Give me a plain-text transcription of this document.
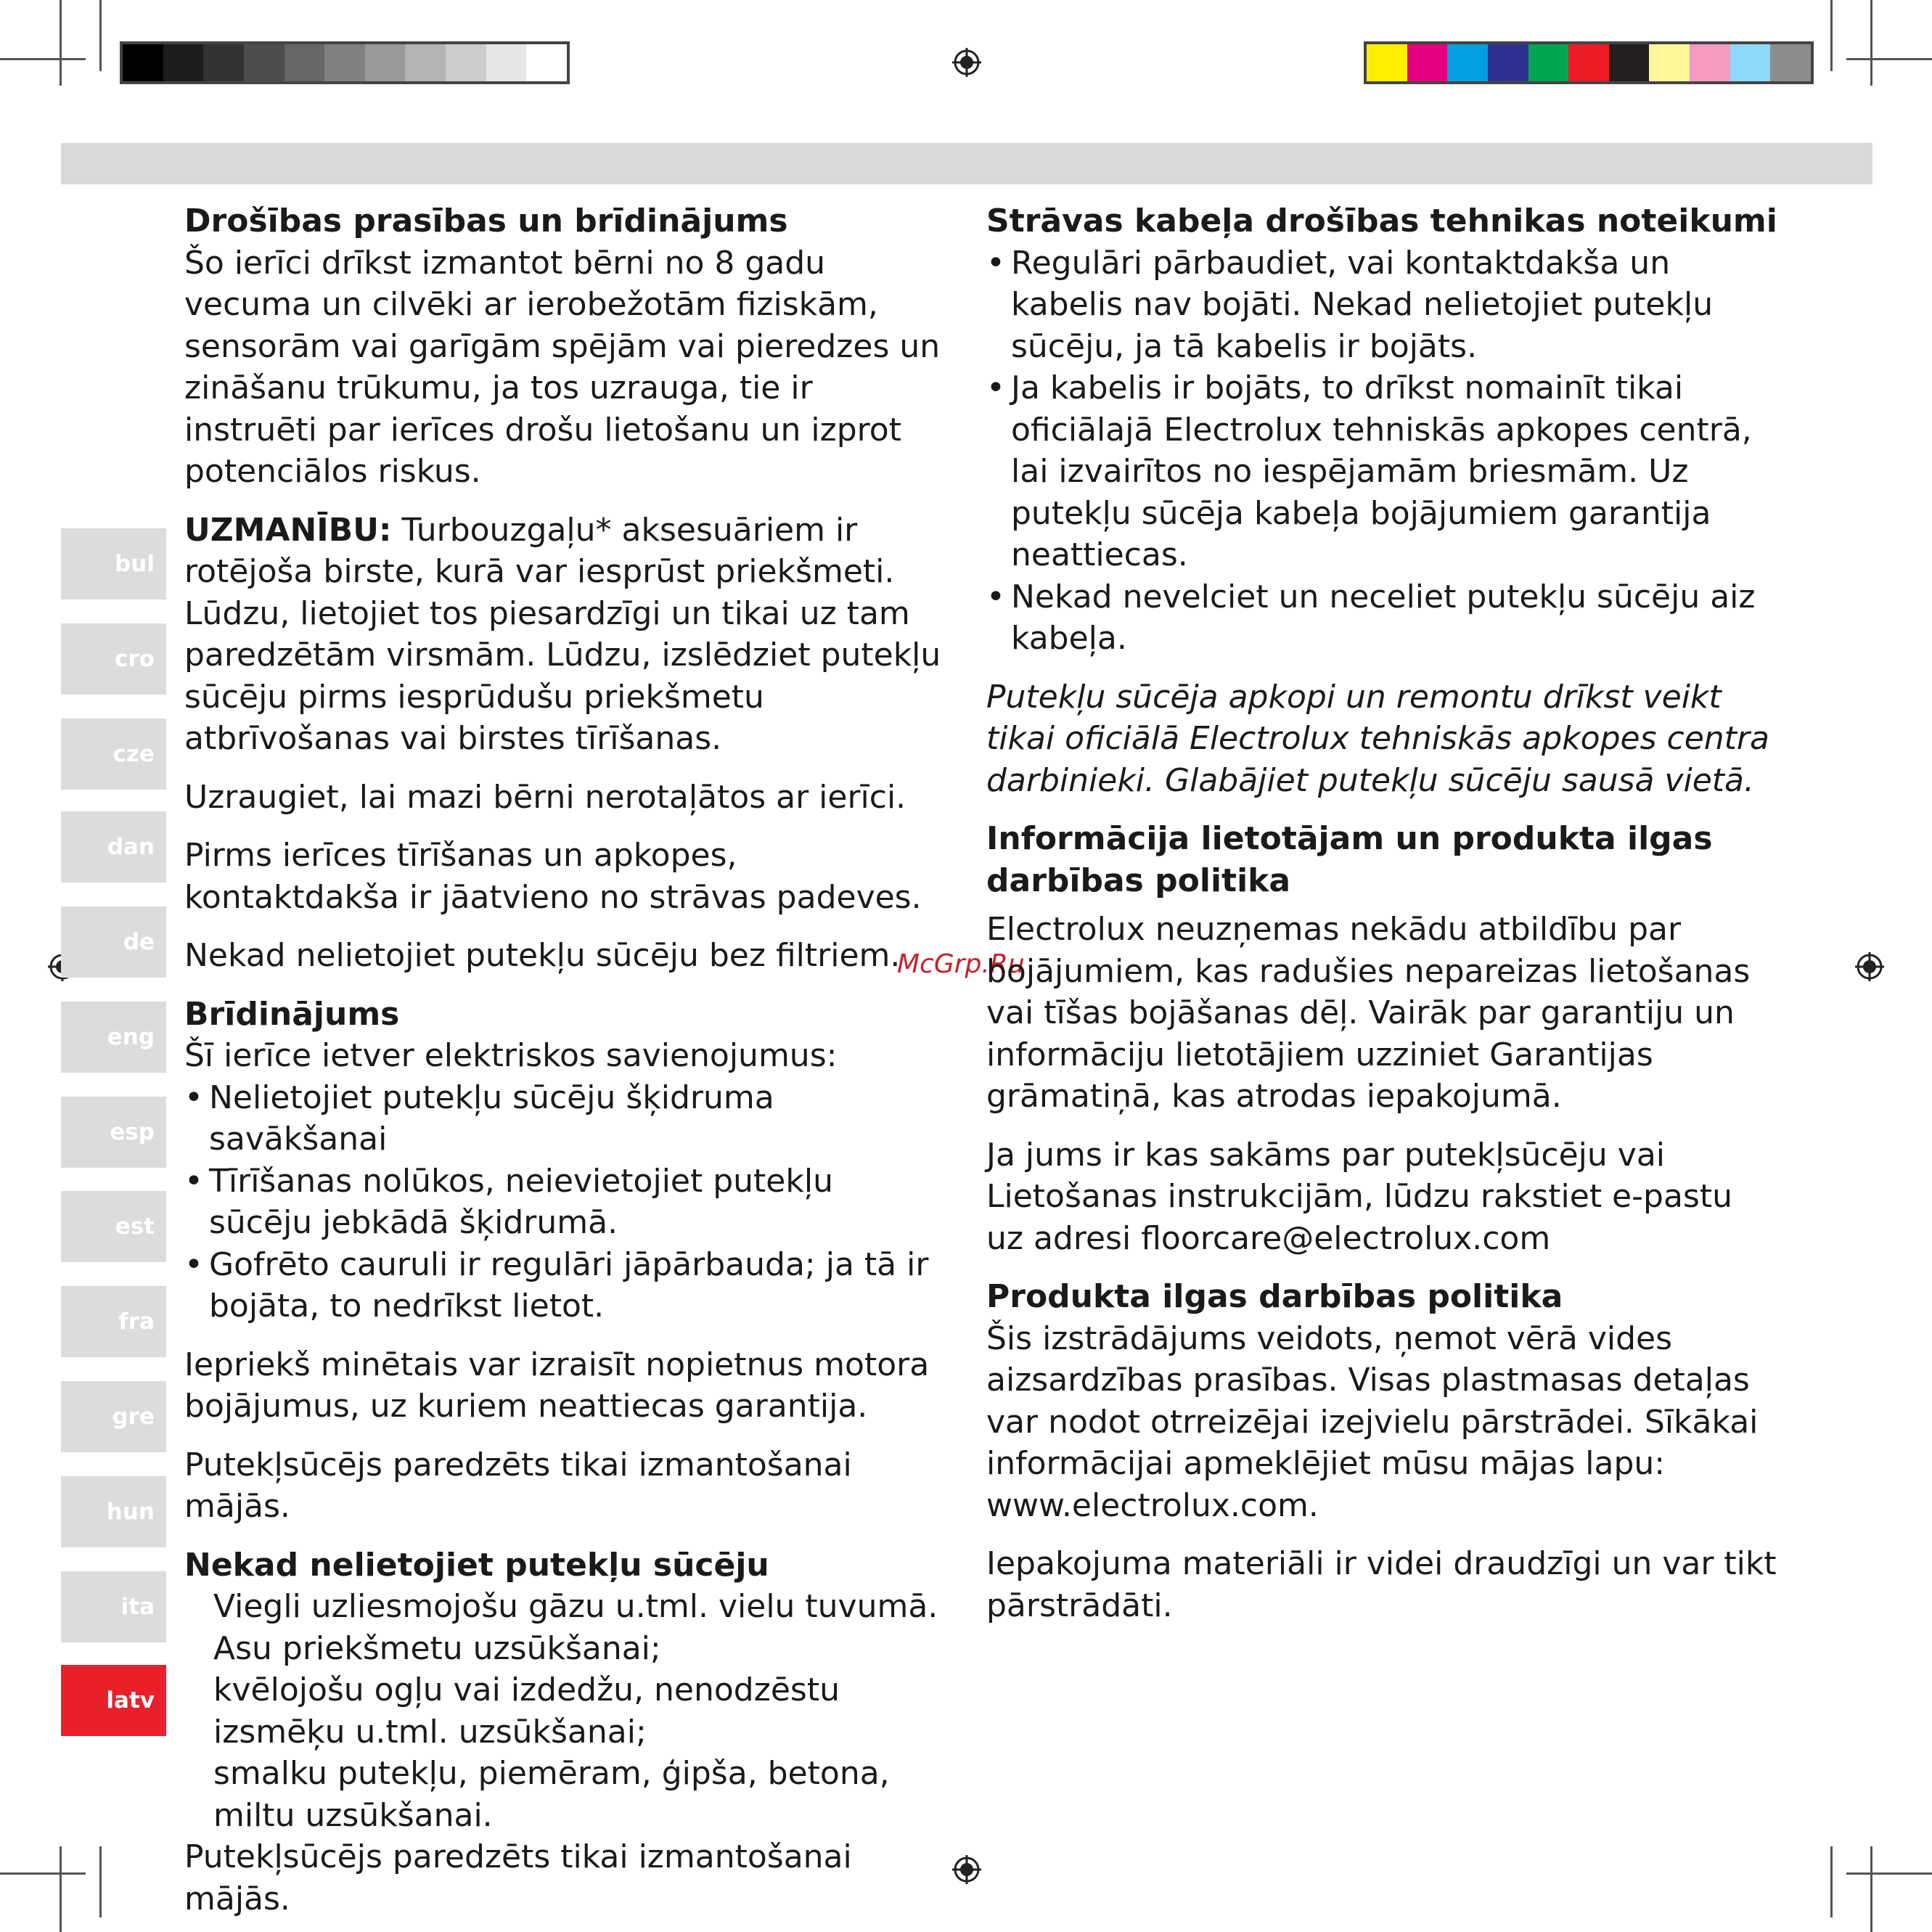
bul
cro
cze
dan
de
eng
esp
est
fra
gre
hun
ita
latv
Drošības prasības un brīdinājums

Šo ierīci drīkst izmantot bērni no 8 gadu vecuma un cilvēki ar ierobežotām fiziskām, sensorām vai garīgām spējām vai pieredzes un zināšanu trūkumu, ja tos uzrauga, tie ir instruēti par ierīces drošu lietošanu un izprot potenciālos riskus.

UZMANĪBU: Turbouzgaļu* aksesuāriem ir rotējoša birste, kurā var iesprūst priekšmeti. Lūdzu, lietojiet tos piesardzīgi un tikai uz tam paredzētām virsmām. Lūdzu, izslēdziet putekļu sūcēju pirms iesprūdušu priekšmetu atbrīvošanas vai birstes tīrīšanas.

Uzraugiet, lai mazi bērni nerotaļātos ar ierīci.

Pirms ierīces tīrīšanas un apkopes, kontaktdakša ir jāatvieno no strāvas padeves.

Nekad nelietojiet putekļu sūcēju bez filtriem.

Brīdinājums

Šī ierīce ietver elektriskos savienojumus:

• Nelietojiet putekļu sūcēju šķidruma savākšanai
• Tīrīšanas nolūkos, neievietojiet putekļu sūcēju jebkādā šķidrumā.
• Gofrēto cauruli ir regulāri jāpārbauda; ja tā ir bojāta, to nedrīkst lietot.

Iepriekš minētais var izraisīt nopietnus motora bojājumus, uz kuriem neattiecas garantija.

Putekļsūcējs paredzēts tikai izmantošanai mājās.

Nekad nelietojiet putekļu sūcēju
Viegli uzliesmojošu gāzu u.tml. vielu tuvumā.
Asu priekšmetu uzsūkšanai;
kvēlojošu ogļu vai izdedžu, nenodzēstu izsmēķu u.tml. uzsūkšanai;
smalku putekļu, piemēram, ģipša, betona, miltu uzsūkšanai.

Putekļsūcējs paredzēts tikai izmantošanai mājās.

McGrp.Ru
Strāvas kabeļa drošības tehnikas noteikumi
• Regulāri pārbaudiet, vai kontaktdakša un kabelis nav bojāti. Nekad nelietojiet putekļu sūcēju, ja tā kabelis ir bojāts.
• Ja kabelis ir bojāts, to drīkst nomainīt tikai oficiālajā Electrolux tehniskās apkopes centrā, lai izvairītos no iespējamām briesmām. Uz putekļu sūcēja kabeļa bojājumiem garantija neattiecas.
• Nekad nevelciet un neceliet putekļu sūcēju aiz kabeļa.

Putekļu sūcēja apkopi un remontu drīkst veikt tikai oficiālā Electrolux tehniskās apkopes centra darbinieki. Glabājiet putekļu sūcēju sausā vietā.

Informācija lietotājam un produkta ilgas darbības politika

Electrolux neuzņemas nekādu atbildību par bojājumiem, kas radušies nepareizas lietošanas vai tīšas bojāšanas dēļ. Vairāk par garantiju un informāciju lietotājiem uzziniet Garantijas grāmatiņā, kas atrodas iepakojumā.

Ja jums ir kas sakāms par putekļsūcēju vai Lietošanas instrukcijām, lūdzu rakstiet e-pastu uz adresi floorcare@electrolux.com

Produkta ilgas darbības politika

Šis izstrādājums veidots, ņemot vērā vides aizsardzības prasības. Visas plastmasas detaļas var nodot otrreizējai izejvielu pārstrādei. Sīkākai informācijai apmeklējiet mūsu mājas lapu: www.electrolux.com.

Iepakojuma materiāli ir videi draudzīgi un var tikt pārstrādāti.
